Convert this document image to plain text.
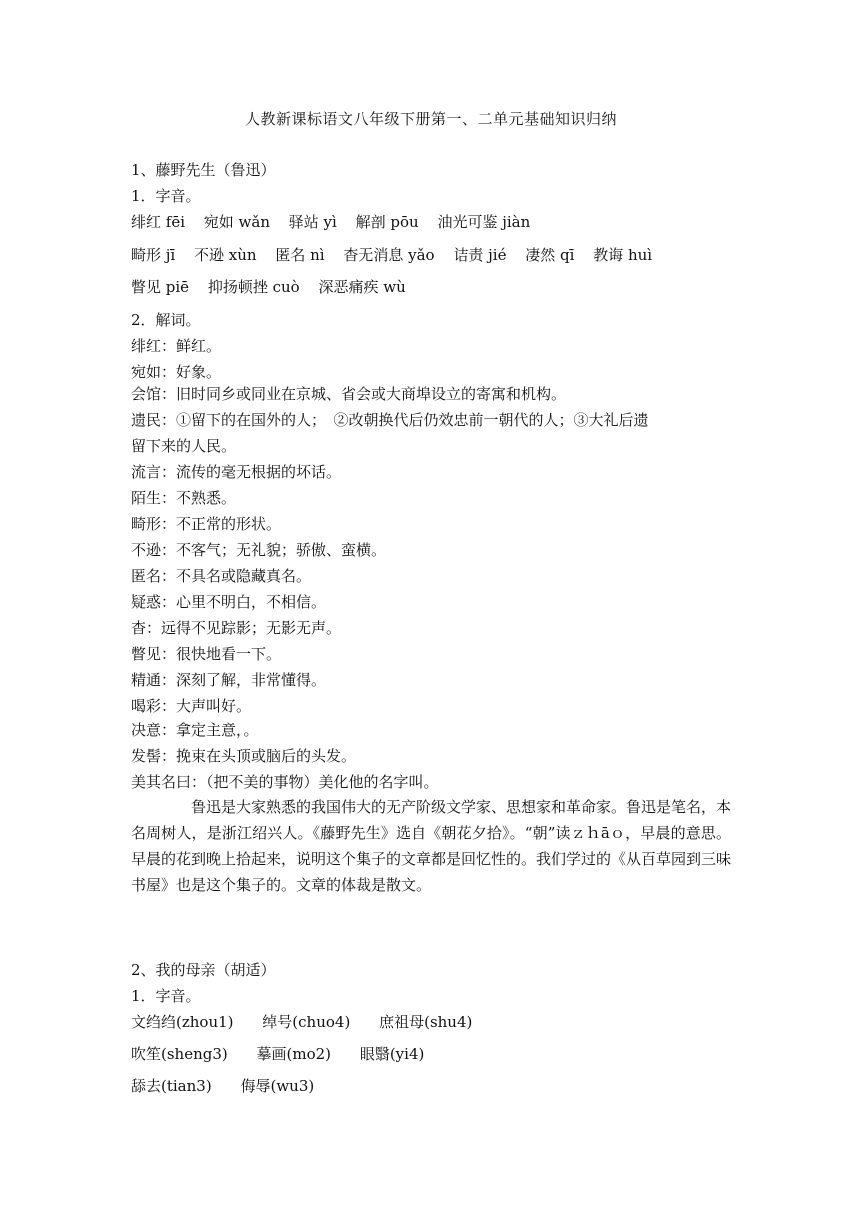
人教新课标语文八年级下册第一、二单元基础知识归纳
1、藤野先生（鲁迅）
1．字音。
绯红 fēi 宛如 wǎn 驿站 yì 解剖 pōu 油光可鉴 jiàn
畸形 jī 不逊 xùn 匿名 nì 杳无消息 yǎo 诘责 jié 凄然 qī 教诲 huì
瞥见 piē 抑扬顿挫 cuò 深恶痛疾 wù
2．解词。
绯红：鲜红。
宛如：好象。
会馆：旧时同乡或同业在京城、省会或大商埠设立的寄寓和机构。
遗民：①留下的在国外的人；　②改朝换代后仍效忠前一朝代的人；③大礼后遗
留下来的人民。
流言：流传的毫无根据的坏话。
陌生：不熟悉。
畸形：不正常的形状。
不逊：不客气；无礼貌；骄傲、蛮横。
匿名：不具名或隐藏真名。
疑惑：心里不明白，不相信。
杳：远得不见踪影；无影无声。
瞥见：很快地看一下。
精通：深刻了解，非常懂得。
喝彩：大声叫好。
决意：拿定主意，。
发髻：挽束在头顶或脑后的头发。
美其名曰：（把不美的事物）美化他的名字叫。
　　　　鲁迅是大家熟悉的我国伟大的无产阶级文学家、思想家和革命家。鲁迅是笔名，本名周树人，是浙江绍兴人。《藤野先生》选自《朝花夕拾》。“朝”读ｚｈāｏ，早晨的意思。早晨的花到晚上拾起来，说明这个集子的文章都是回忆性的。我们学过的《从百草园到三味书屋》也是这个集子的。文章的体裁是散文。
2、我的母亲（胡适）
1．字音。
文绉绉(zhou1) 绰号(chuo4) 庶祖母(shu4)
吹笙(sheng3) 摹画(mo2) 眼翳(yi4)
舔去(tian3) 侮辱(wu3)
